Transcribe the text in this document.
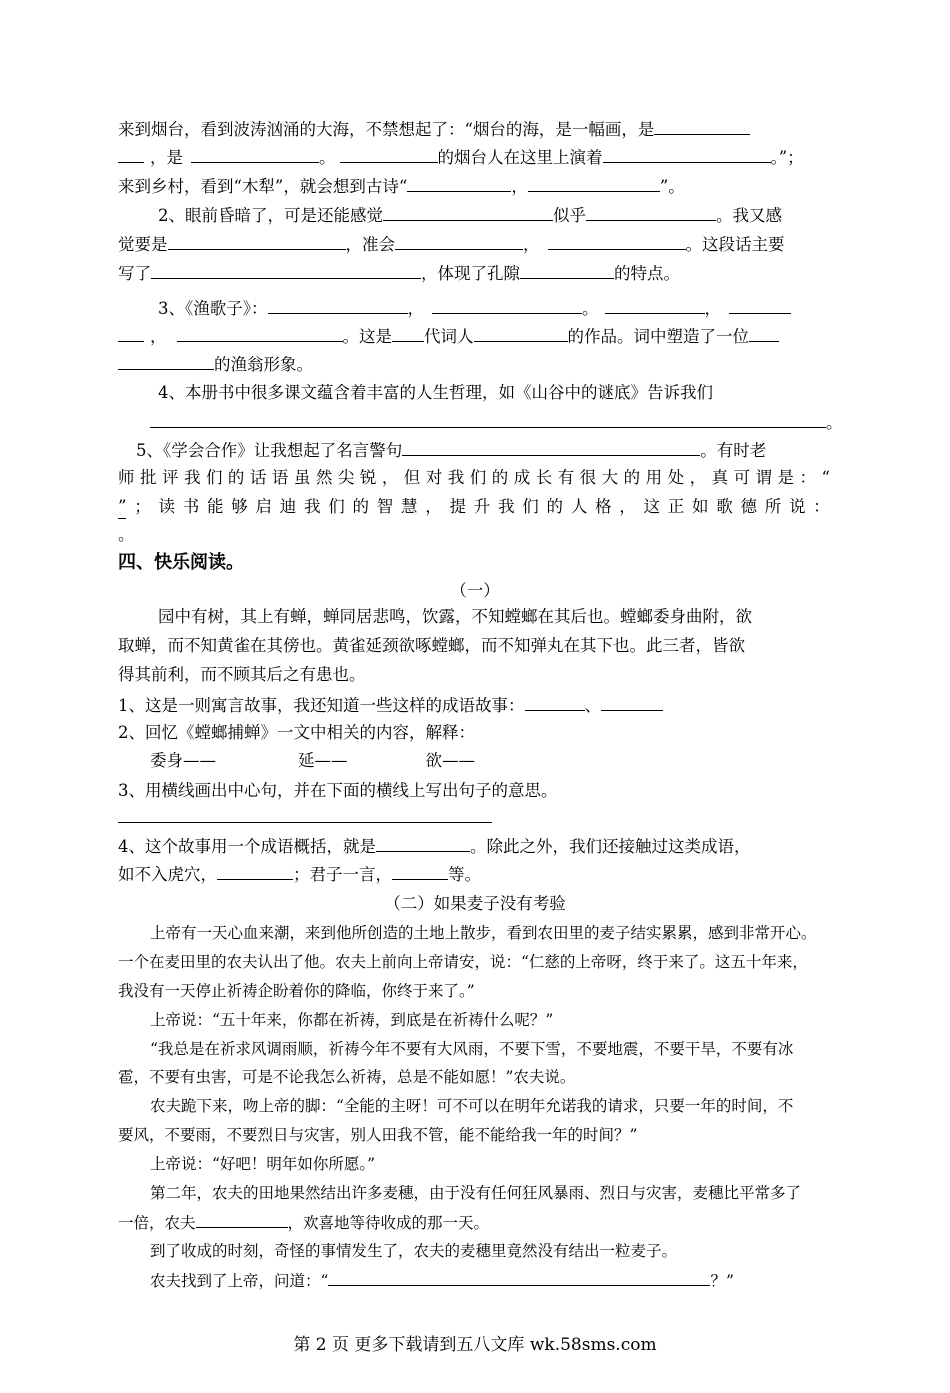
来到烟台，看到波涛汹涌的大海，不禁想起了：“烟台的海，是一幅画，是
，是	。	的烟台人在这里上演着	。”；
来到乡村，看到“木犁”，就会想到古诗“	，	”。
2、眼前昏暗了，可是还能感觉	似乎	。我又感
觉要是	，准会	，	。这段话主要
写了	，体现了孔隙	的特点。
3、《渔歌子》：	，	。	，
，	。这是 代词人	的作品。词中塑造了一位
的渔翁形象。
4、本册书中很多课文蕴含着丰富的人生哲理，如《山谷中的谜底》告诉我们
。
5、《学会合作》让我想起了名言警句	。有时老
师 批 评 我 们 的 话 语 虽 然 尖 锐 ， 但 对 我 们 的 成 长 有 很 大 的 用 处 ， 真 可 谓 是 ： “
” ； 读 书 能 够 启 迪 我 们 的 智 慧 ， 提 升 我 们 的 人 格 ， 这 正 如 歌 德 所 说 ：
。
四、快乐阅读。
（一）
园中有树，其上有蝉，蝉同居悲鸣，饮露，不知螳螂在其后也。螳螂委身曲附，欲
取蝉，而不知黄雀在其傍也。黄雀延颈欲啄螳螂，而不知弹丸在其下也。此三者，皆欲
得其前利，而不顾其后之有患也。
1、这是一则寓言故事，我还知道一些这样的成语故事：	、
2、回忆《螳螂捕蝉》一文中相关的内容，解释：
委身——	延——	欲——
3、用横线画出中心句，并在下面的横线上写出句子的意思。
4、这个故事用一个成语概括，就是	。除此之外，我们还接触过这类成语，
如不入虎穴，	；君子一言，	等。
（二）如果麦子没有考验
上帝有一天心血来潮，来到他所创造的土地上散步，看到农田里的麦子结实累累，感到非常开心。
一个在麦田里的农夫认出了他。农夫上前向上帝请安，说：“仁慈的上帝呀，终于来了。这五十年来，
我没有一天停止祈祷企盼着你的降临，你终于来了。”
上帝说：“五十年来，你都在祈祷，到底是在祈祷什么呢？”
“我总是在祈求风调雨顺，祈祷今年不要有大风雨，不要下雪，不要地震，不要干旱，不要有冰
雹，不要有虫害，可是不论我怎么祈祷，总是不能如愿！”农夫说。
农夫跪下来，吻上帝的脚：“全能的主呀！可不可以在明年允诺我的请求，只要一年的时间，不
要风，不要雨，不要烈日与灾害，别人田我不管，能不能给我一年的时间？”
上帝说：“好吧！明年如你所愿。”
第二年，农夫的田地果然结出许多麦穗，由于没有任何狂风暴雨、烈日与灾害，麦穗比平常多了
一倍，农夫	，欢喜地等待收成的那一天。
到了收成的时刻，奇怪的事情发生了，农夫的麦穗里竟然没有结出一粒麦子。
农夫找到了上帝，问道：“	？”
第 2 页 更多下载请到五八文库 wk.58sms.com
